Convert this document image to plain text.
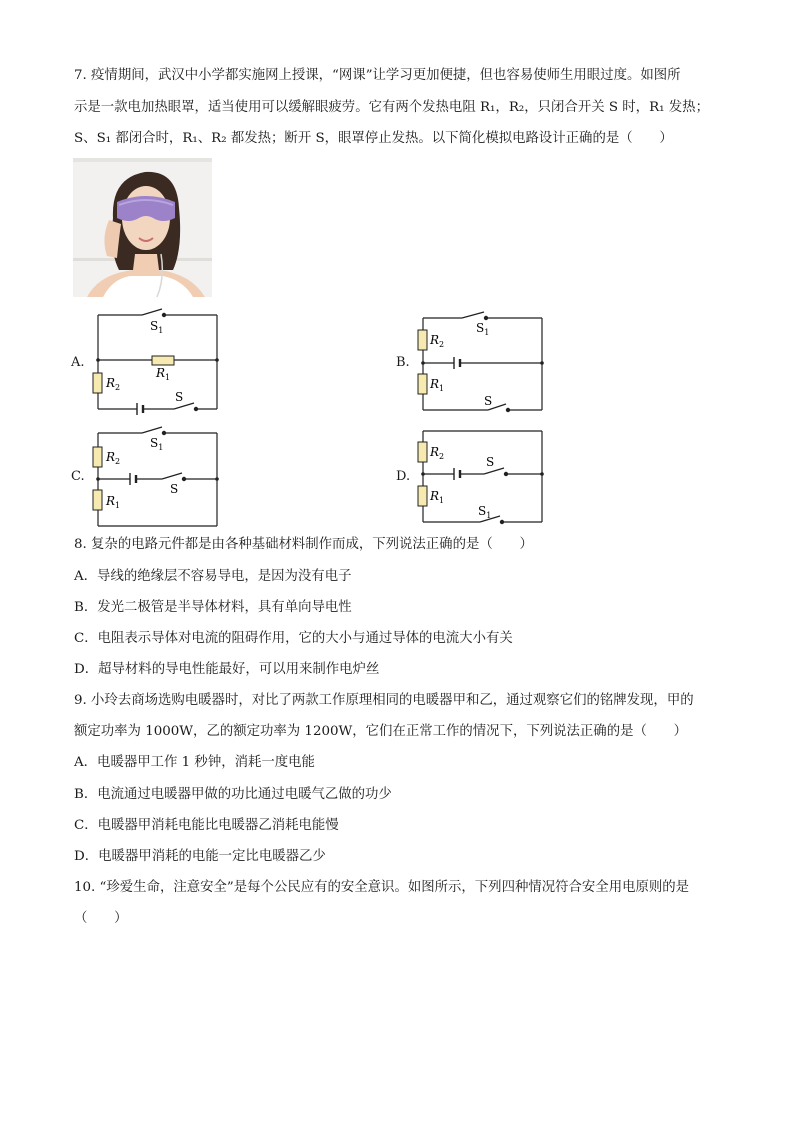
7. 疫情期间，武汉中小学都实施网上授课，“网课”让学习更加便捷，但也容易使师生用眼过度。如图所
示是一款电加热眼罩，适当使用可以缓解眼疲劳。它有两个发热电阻 R₁，R₂，只闭合开关 S 时，R₁ 发热；
S、S₁ 都闭合时，R₁、R₂ 都发热；断开 S，眼罩停止发热。以下简化模拟电路设计正确的是（　　）
A.
$S_1$
$R_1$
$R_2$
S
B.
$S_1$
$R_2$
$R_1$
S
C.
$S_1$
$R_2$
$R_1$
S
D.
$R_2$
$R_1$
S
$S_1$
8. 复杂的电路元件都是由各种基础材料制作而成，下列说法正确的是（　　）
A．导线的绝缘层不容易导电，是因为没有电子
B．发光二极管是半导体材料，具有单向导电性
C．电阻表示导体对电流的阻碍作用，它的大小与通过导体的电流大小有关
D．超导材料的导电性能最好，可以用来制作电炉丝
9. 小玲去商场选购电暖器时，对比了两款工作原理相同的电暖器甲和乙，通过观察它们的铭牌发现，甲的
额定功率为 1000W，乙的额定功率为 1200W，它们在正常工作的情况下，下列说法正确的是（　　）
A．电暖器甲工作 1 秒钟，消耗一度电能
B．电流通过电暖器甲做的功比通过电暖气乙做的功少
C．电暖器甲消耗电能比电暖器乙消耗电能慢
D．电暖器甲消耗的电能一定比电暖器乙少
10. “珍爱生命，注意安全”是每个公民应有的安全意识。如图所示，下列四种情况符合安全用电原则的是
（　　）
